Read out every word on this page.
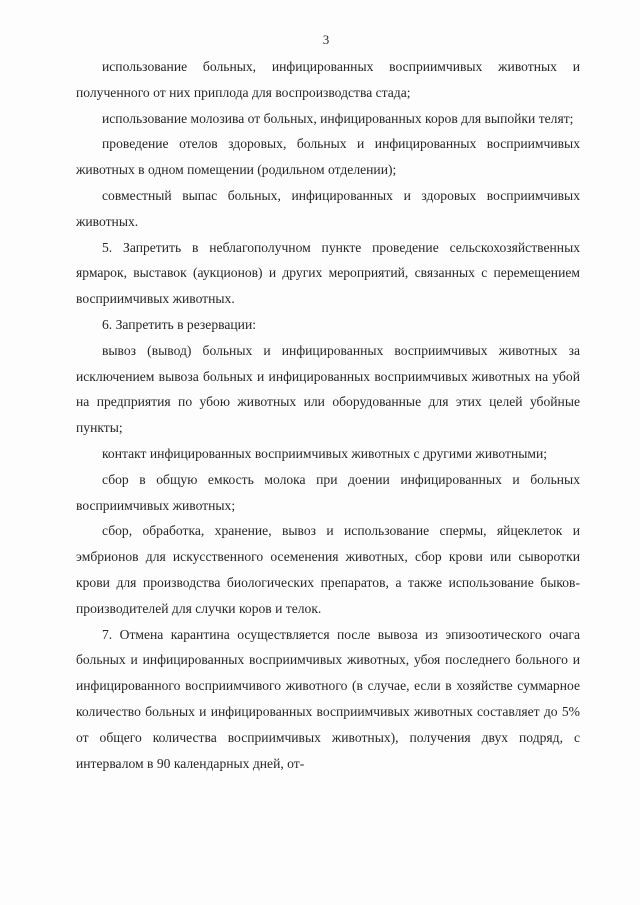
3

использование больных, инфицированных восприимчивых животных и полученного от них приплода для воспроизводства стада;

использование молозива от больных, инфицированных коров для выпойки телят;

проведение отелов здоровых, больных и инфицированных восприимчивых животных в одном помещении (родильном отделении);

совместный выпас больных, инфицированных и здоровых восприимчивых животных.

5. Запретить в неблагополучном пункте проведение сельскохозяйственных ярмарок, выставок (аукционов) и других мероприятий, связанных с перемещением восприимчивых животных.

6. Запретить в резервации:

вывоз (вывод) больных и инфицированных восприимчивых животных за исключением вывоза больных и инфицированных восприимчивых животных на убой на предприятия по убою животных или оборудованные для этих целей убойные пункты;

контакт инфицированных восприимчивых животных с другими животными;

сбор в общую емкость молока при доении инфицированных и больных восприимчивых животных;

сбор, обработка, хранение, вывоз и использование спермы, яйцеклеток и эмбрионов для искусственного осеменения животных, сбор крови или сыворотки крови для производства биологических препаратов, а также использование быков-производителей для случки коров и телок.

7. Отмена карантина осуществляется после вывоза из эпизоотического очага больных и инфицированных восприимчивых животных, убоя последнего больного и инфицированного восприимчивого животного (в случае, если в хозяйстве суммарное количество больных и инфицированных восприимчивых животных составляет до 5% от общего количества восприимчивых животных), получения двух подряд, с интервалом в 90 календарных дней, от-
